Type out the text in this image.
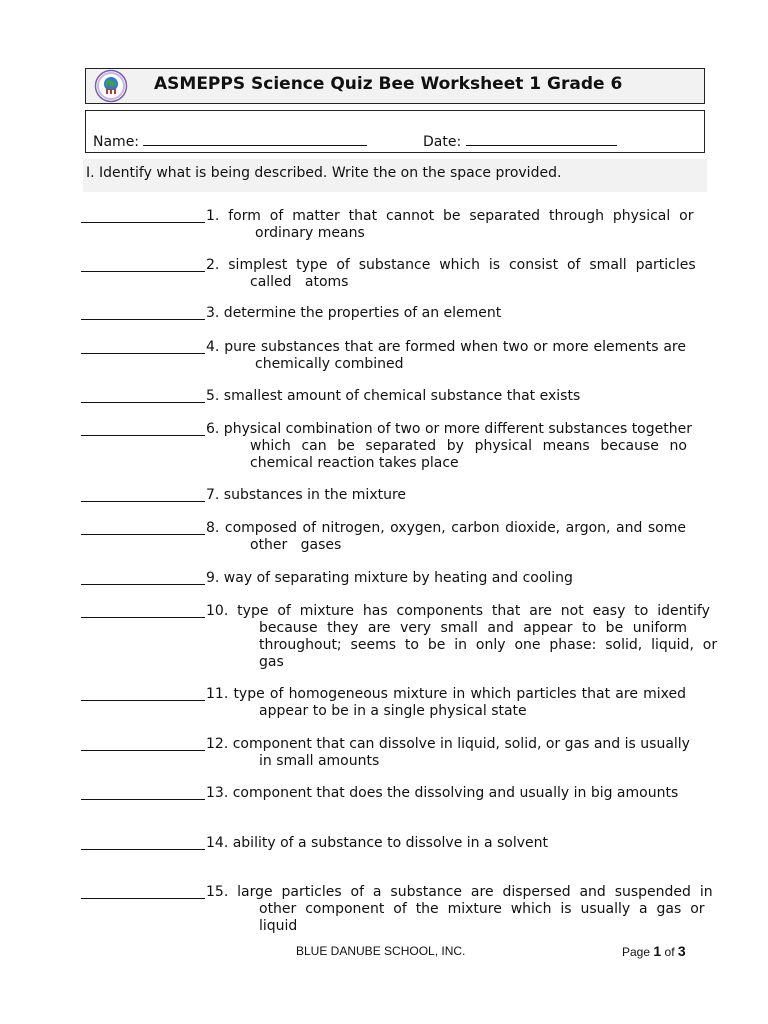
ASMEPPS Science Quiz Bee Worksheet 1 Grade 6
Name:	Date:
I. Identify what is being described. Write the on the space provided.
1.  form  of  matter  that  cannot  be  separated  through  physical  or
ordinary means
2.  simplest  type  of  substance  which  is  consist  of  small  particles
called   atoms
3. determine the properties of an element
4. pure substances that are formed when two or more elements are
chemically combined
5. smallest amount of chemical substance that exists
6. physical combination of two or more different substances together
which  can  be  separated  by  physical  means  because  no
chemical reaction takes place
7. substances in the mixture
8. composed of nitrogen, oxygen, carbon dioxide, argon, and some
other   gases
9. way of separating mixture by heating and cooling
10.  type  of  mixture  has  components  that  are  not  easy  to  identify
because  they  are  very  small  and  appear  to  be  uniform
throughout;  seems  to  be  in  only  one  phase:  solid,  liquid,  or
gas
11. type of homogeneous mixture in which particles that are mixed
appear to be in a single physical state
12. component that can dissolve in liquid, solid, or gas and is usually
in small amounts
13. component that does the dissolving and usually in big amounts
14. ability of a substance to dissolve in a solvent
15.  large  particles  of  a  substance  are  dispersed  and  suspended  in
other  component  of  the  mixture  which  is  usually  a  gas  or
liquid
BLUE DANUBE SCHOOL, INC.	Page 1 of 3
